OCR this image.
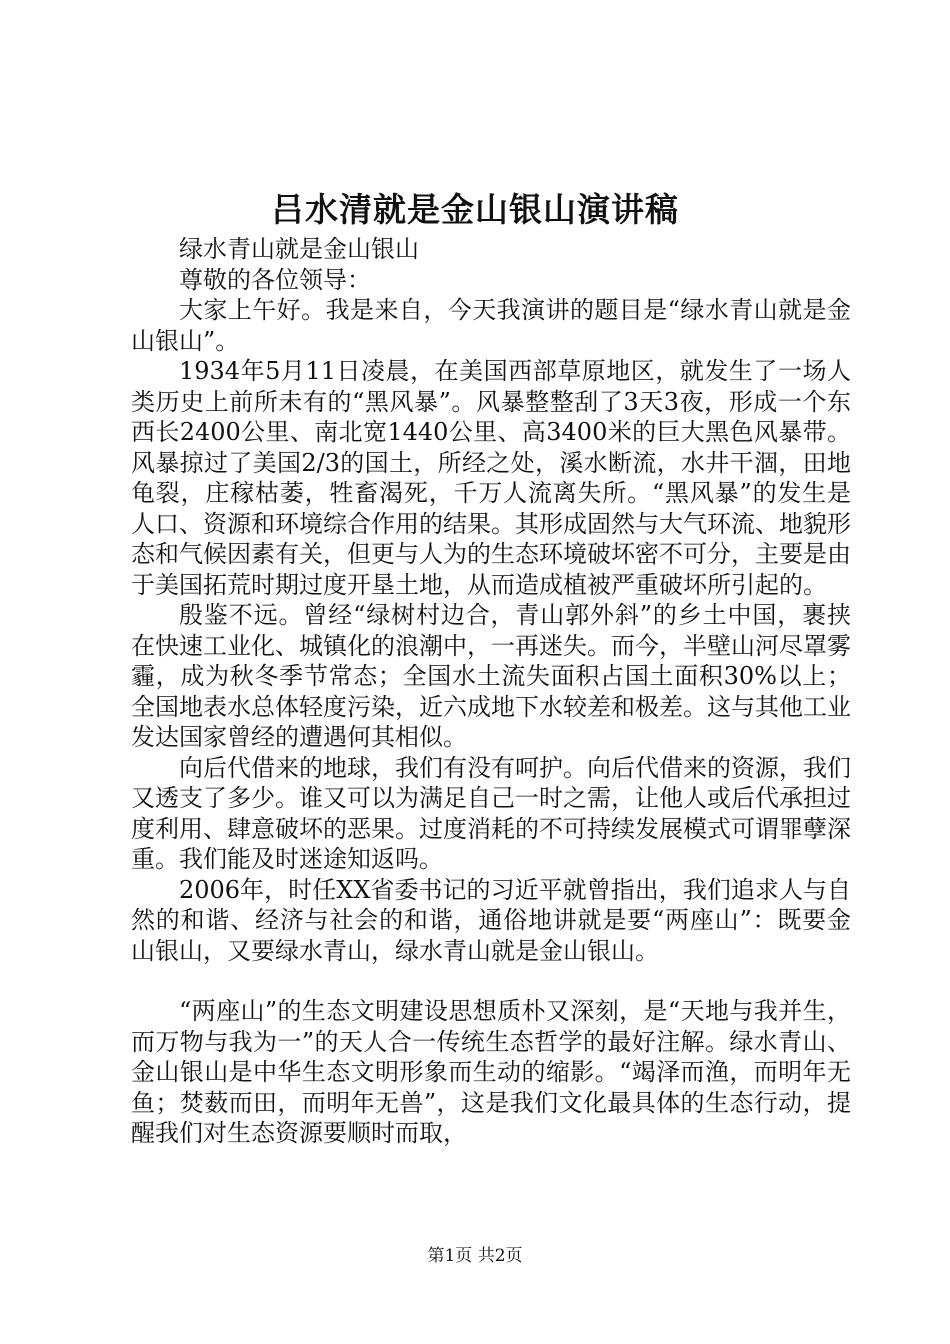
吕水清就是金山银山演讲稿

绿水青山就是金山银山

尊敬的各位领导：

大家上午好。我是来自，今天我演讲的题目是“绿水青山就是金山银山”。

1934年5月11日凌晨，在美国西部草原地区，就发生了一场人类历史上前所未有的“黑风暴”。风暴整整刮了3天3夜，形成一个东西长2400公里、南北宽1440公里、高3400米的巨大黑色风暴带。风暴掠过了美国2/3的国土，所经之处，溪水断流，水井干涸，田地龟裂，庄稼枯萎，牲畜渴死，千万人流离失所。“黑风暴”的发生是人口、资源和环境综合作用的结果。其形成固然与大气环流、地貌形态和气候因素有关，但更与人为的生态环境破坏密不可分，主要是由于美国拓荒时期过度开垦土地，从而造成植被严重破坏所引起的。

殷鉴不远。曾经“绿树村边合，青山郭外斜”的乡土中国，裹挟在快速工业化、城镇化的浪潮中，一再迷失。而今，半壁山河尽罩雾霾，成为秋冬季节常态；全国水土流失面积占国土面积30%以上；全国地表水总体轻度污染，近六成地下水较差和极差。这与其他工业发达国家曾经的遭遇何其相似。

向后代借来的地球，我们有没有呵护。向后代借来的资源，我们又透支了多少。谁又可以为满足自己一时之需，让他人或后代承担过度利用、肆意破坏的恶果。过度消耗的不可持续发展模式可谓罪孽深重。我们能及时迷途知返吗。

2006年，时任XX省委书记的习近平就曾指出，我们追求人与自然的和谐、经济与社会的和谐，通俗地讲就是要“两座山”：既要金山银山，又要绿水青山，绿水青山就是金山银山。

“两座山”的生态文明建设思想质朴又深刻，是“天地与我并生，而万物与我为一”的天人合一传统生态哲学的最好注解。绿水青山、金山银山是中华生态文明形象而生动的缩影。“竭泽而渔，而明年无鱼；焚薮而田，而明年无兽”，这是我们文化最具体的生态行动，提醒我们对生态资源要顺时而取，

第1页 共2页
